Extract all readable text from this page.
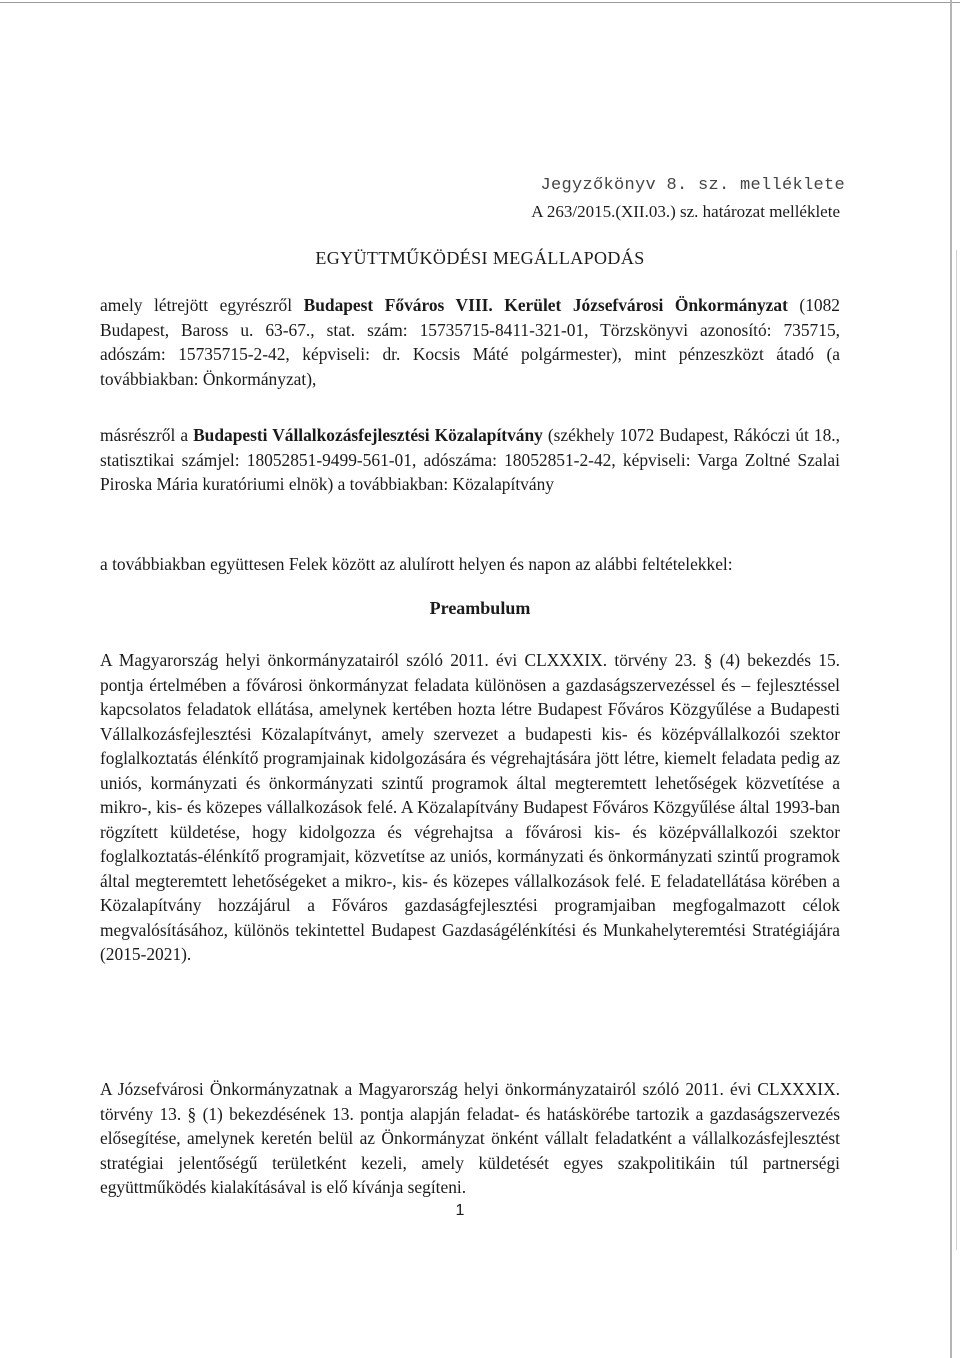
Jegyzőkönyv 8. sz. melléklete
A 263/2015.(XII.03.) sz. határozat melléklete
EGYÜTTMŰKÖDÉSI MEGÁLLAPODÁS
amely létrejött egyrészről Budapest Főváros VIII. Kerület Józsefvárosi Önkormányzat (1082 Budapest, Baross u. 63-67., stat. szám: 15735715-8411-321-01, Törzskönyvi azonosító: 735715, adószám: 15735715-2-42, képviseli: dr. Kocsis Máté polgármester), mint pénzeszközt átadó (a továbbiakban: Önkormányzat),
másrészről a Budapesti Vállalkozásfejlesztési Közalapítvány (székhely 1072 Budapest, Rákóczi út 18., statisztikai számjel: 18052851-9499-561-01, adószáma: 18052851-2-42, képviseli: Varga Zoltné Szalai Piroska Mária kuratóriumi elnök) a továbbiakban: Közalapítvány
a továbbiakban együttesen Felek között az alulírott helyen és napon az alábbi feltételekkel:
Preambulum
A Magyarország helyi önkormányzatairól szóló 2011. évi CLXXXIX. törvény 23. § (4) bekezdés 15. pontja értelmében a fővárosi önkormányzat feladata különösen a gazdaságszervezéssel és – fejlesztéssel kapcsolatos feladatok ellátása, amelynek kertében hozta létre Budapest Főváros Közgyűlése a Budapesti Vállalkozásfejlesztési Közalapítványt, amely szervezet a budapesti kis- és középvállalkozói szektor foglalkoztatás élénkítő programjainak kidolgozására és végrehajtására jött létre, kiemelt feladata pedig az uniós, kormányzati és önkormányzati szintű programok által megteremtett lehetőségek közvetítése a mikro-, kis- és közepes vállalkozások felé. A Közalapítvány Budapest Főváros Közgyűlése által 1993-ban rögzített küldetése, hogy kidolgozza és végrehajtsa a fővárosi kis- és középvállalkozói szektor foglalkoztatás-élénkítő programjait, közvetítse az uniós, kormányzati és önkormányzati szintű programok által megteremtett lehetőségeket a mikro-, kis- és közepes vállalkozások felé. E feladatellátása körében a Közalapítvány hozzájárul a Főváros gazdaságfejlesztési programjaiban megfogalmazott célok megvalósításához, különös tekintettel Budapest Gazdaságélénkítési és Munkahelyteremtési Stratégiájára (2015-2021).
A Józsefvárosi Önkormányzatnak a Magyarország helyi önkormányzatairól szóló 2011. évi CLXXXIX. törvény 13. § (1) bekezdésének 13. pontja alapján feladat- és hatáskörébe tartozik a gazdaságszervezés elősegítése, amelynek keretén belül az Önkormányzat önként vállalt feladatként a vállalkozásfejlesztést stratégiai jelentőségű területként kezeli, amely küldetését egyes szakpolitikáin túl partnerségi együttműködés kialakításával is elő kívánja segíteni.
1
